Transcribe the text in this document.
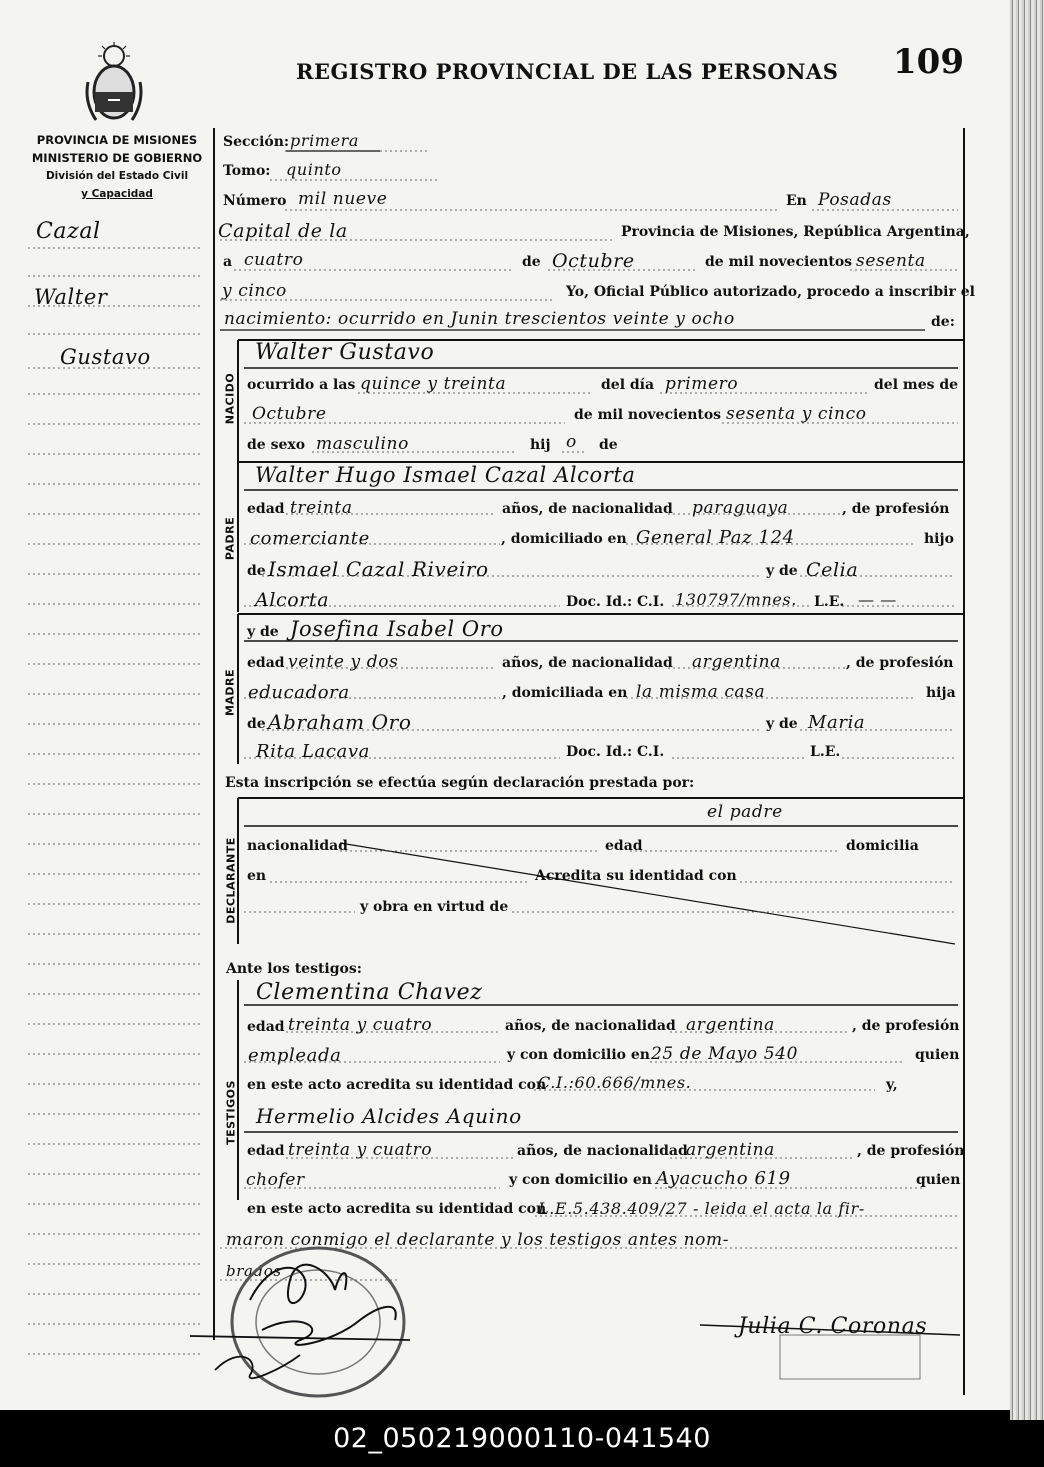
REGISTRO PROVINCIAL DE LAS PERSONAS 109
PROVINCIA DE MISIONES
MINISTERIO DE GOBIERNO
División del Estado Civil
y Capacidad
NACIDO
PADRE
MADRE
DECLARANTE
TESTIGOS
Cazal
Walter
Gustavo
Sección: primera
Tomo: quinto
Número mil nueve	En Posadas
Capital de la	Provincia de Misiones, República Argentina,
a cuatro	de Octubre	de mil novecientos sesenta
y cinco	Yo, Oficial Público autorizado, procedo a inscribir el
nacimiento: ocurrido en Junin trescientos veinte y ocho	de:
Walter Gustavo
ocurrido a las quince y treinta	del día primero	del mes de
Octubre	de mil novecientos sesenta y cinco
de sexo masculino	hij o de
Walter Hugo Ismael Cazal Alcorta
edad treinta	años, de nacionalidad paraguaya	, de profesión
comerciante	, domiciliado en General Paz 124	hijo
de Ismael Cazal Riveiro	y de Celia
Alcorta	Doc. Id.: C.I. 130797/mnes. L.E. — —
y de Josefina Isabel Oro
edad veinte y dos	años, de nacionalidad argentina	, de profesión
educadora	, domiciliada en la misma casa	hija
de Abraham Oro	y de Maria
Rita Lacava	Doc. Id.: C.I.	L.E.
Esta inscripción se efectúa según declaración prestada por:
el padre
nacionalidad	edad	domicilia
en	Acredita su identidad con
y obra en virtud de
Ante los testigos:
Clementina Chavez
edad treinta y cuatro	años, de nacionalidad argentina	, de profesión
empleada	y con domicilio en 25 de Mayo 540	quien
en este acto acredita su identidad con
C.I.:60.666/mnes.	y,
Hermelio Alcides Aquino
edad treinta y cuatro	años, de nacionalidad
argentina	, de profesión
chofer	y con domicilio en Ayacucho 619	quien
en este acto acredita su identidad con
L.E.5.438.409/27 - leida el acta la fir-
maron conmigo el declarante y los testigos antes nom-
brados
Julia C. Coronas
02_050219000110-041540
